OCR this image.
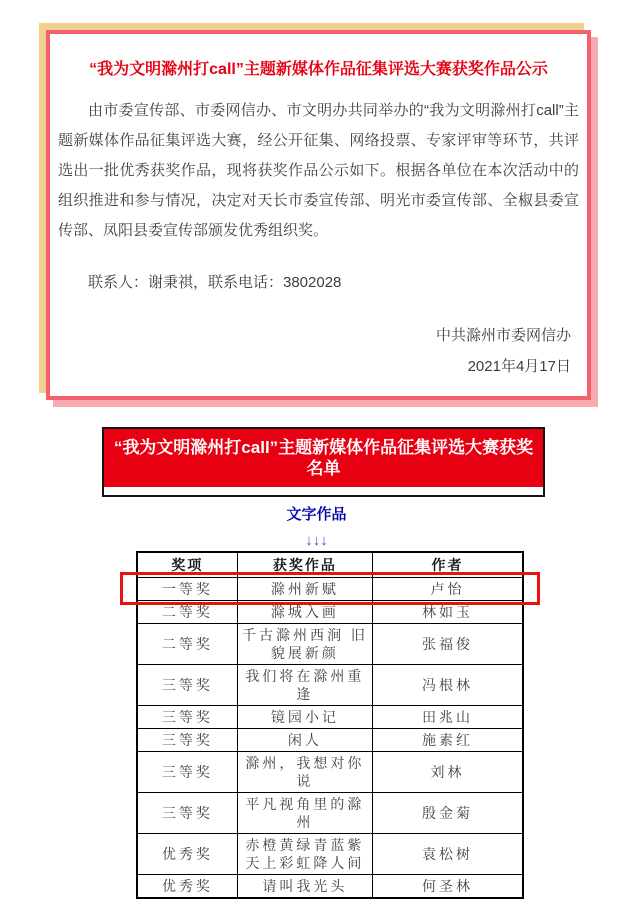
“我为文明滁州打call”主题新媒体作品征集评选大赛获奖作品公示

由市委宣传部、市委网信办、市文明办共同举办的“我为文明滁州打call”主题新媒体作品征集评选大赛，经公开征集、网络投票、专家评审等环节，共评选出一批优秀获奖作品，现将获奖作品公示如下。根据各单位在本次活动中的组织推进和参与情况，决定对天长市委宣传部、明光市委宣传部、全椒县委宣传部、凤阳县委宣传部颁发优秀组织奖。

联系人：谢秉祺，联系电话：3802028

中共滁州市委网信办
2021年4月17日
“我为文明滁州打call”主题新媒体作品征集评选大赛获奖名单
文字作品
↓↓↓
奖项	获奖作品	作者
一等奖	滁州新赋	卢怡
二等奖	滁城入画	林如玉
二等奖	千古滁州西涧 旧貌展新颜	张福俊
三等奖	我们将在滁州重逢	冯根林
三等奖	镜园小记	田兆山
三等奖	闲人	施素红
三等奖	滁州，我想对你说	刘林
三等奖	平凡视角里的滁州	殷金菊
优秀奖	赤橙黄绿青蓝紫 天上彩虹降人间	袁松树
优秀奖	请叫我光头	何圣林
